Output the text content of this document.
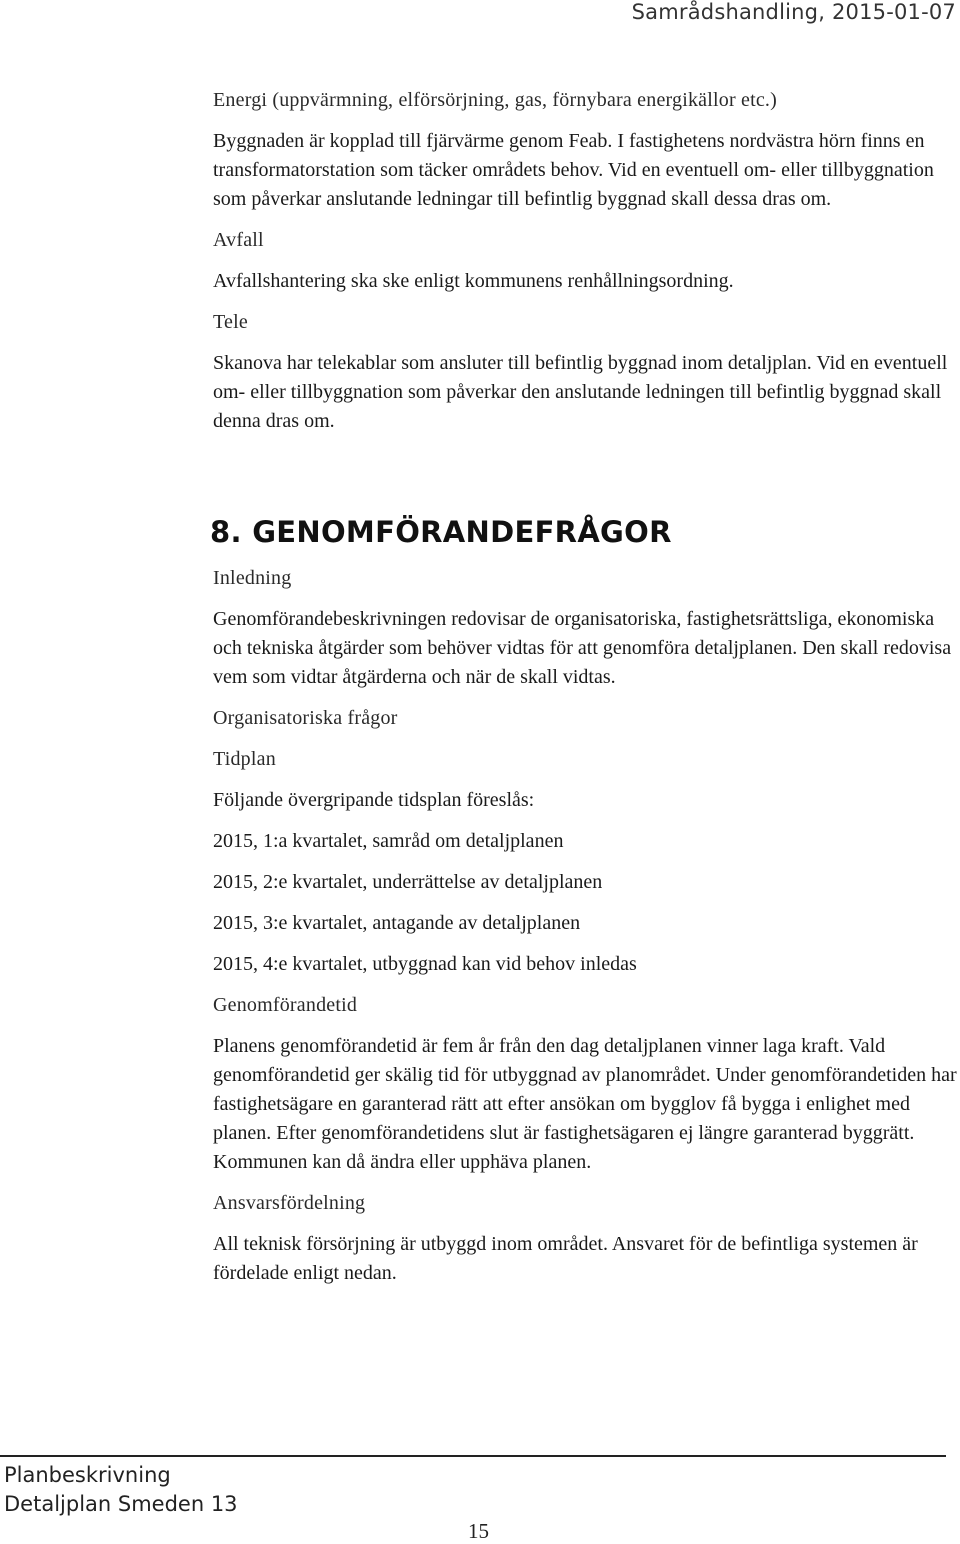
Samrådshandling, 2015-01-07

Energi (uppvärmning, elförsörjning, gas, förnybara energikällor etc.)

Byggnaden är kopplad till fjärvärme genom Feab. I fastighetens nordvästra hörn finns en transformatorstation som täcker områdets behov. Vid en eventuell om- eller tillbyggnation som påverkar anslutande ledningar till befintlig byggnad skall dessa dras om.

Avfall

Avfallshantering ska ske enligt kommunens renhållningsordning.

Tele

Skanova har telekablar som ansluter till befintlig byggnad inom detaljplan. Vid en eventuell om- eller tillbyggnation som påverkar den anslutande ledningen till befintlig byggnad skall denna dras om.

8. GENOMFÖRANDEFRÅGOR

Inledning

Genomförandebeskrivningen redovisar de organisatoriska, fastighetsrättsliga, ekonomiska och tekniska åtgärder som behöver vidtas för att genomföra detaljplanen. Den skall redovisa vem som vidtar åtgärderna och när de skall vidtas.

Organisatoriska frågor

Tidplan

Följande övergripande tidsplan föreslås:

2015, 1:a kvartalet, samråd om detaljplanen

2015, 2:e kvartalet, underrättelse av detaljplanen

2015, 3:e kvartalet, antagande av detaljplanen

2015, 4:e kvartalet, utbyggnad kan vid behov inledas

Genomförandetid

Planens genomförandetid är fem år från den dag detaljplanen vinner laga kraft. Vald genomförandetid ger skälig tid för utbyggnad av planområdet. Under genomförandetiden har fastighetsägare en garanterad rätt att efter ansökan om bygglov få bygga i enlighet med planen. Efter genomförandetidens slut är fastighetsägaren ej längre garanterad byggrätt. Kommunen kan då ändra eller upphäva planen.

Ansvarsfördelning

All teknisk försörjning är utbyggd inom området. Ansvaret för de befintliga systemen är fördelade enligt nedan.

Planbeskrivning
Detaljplan Smeden 13
15
